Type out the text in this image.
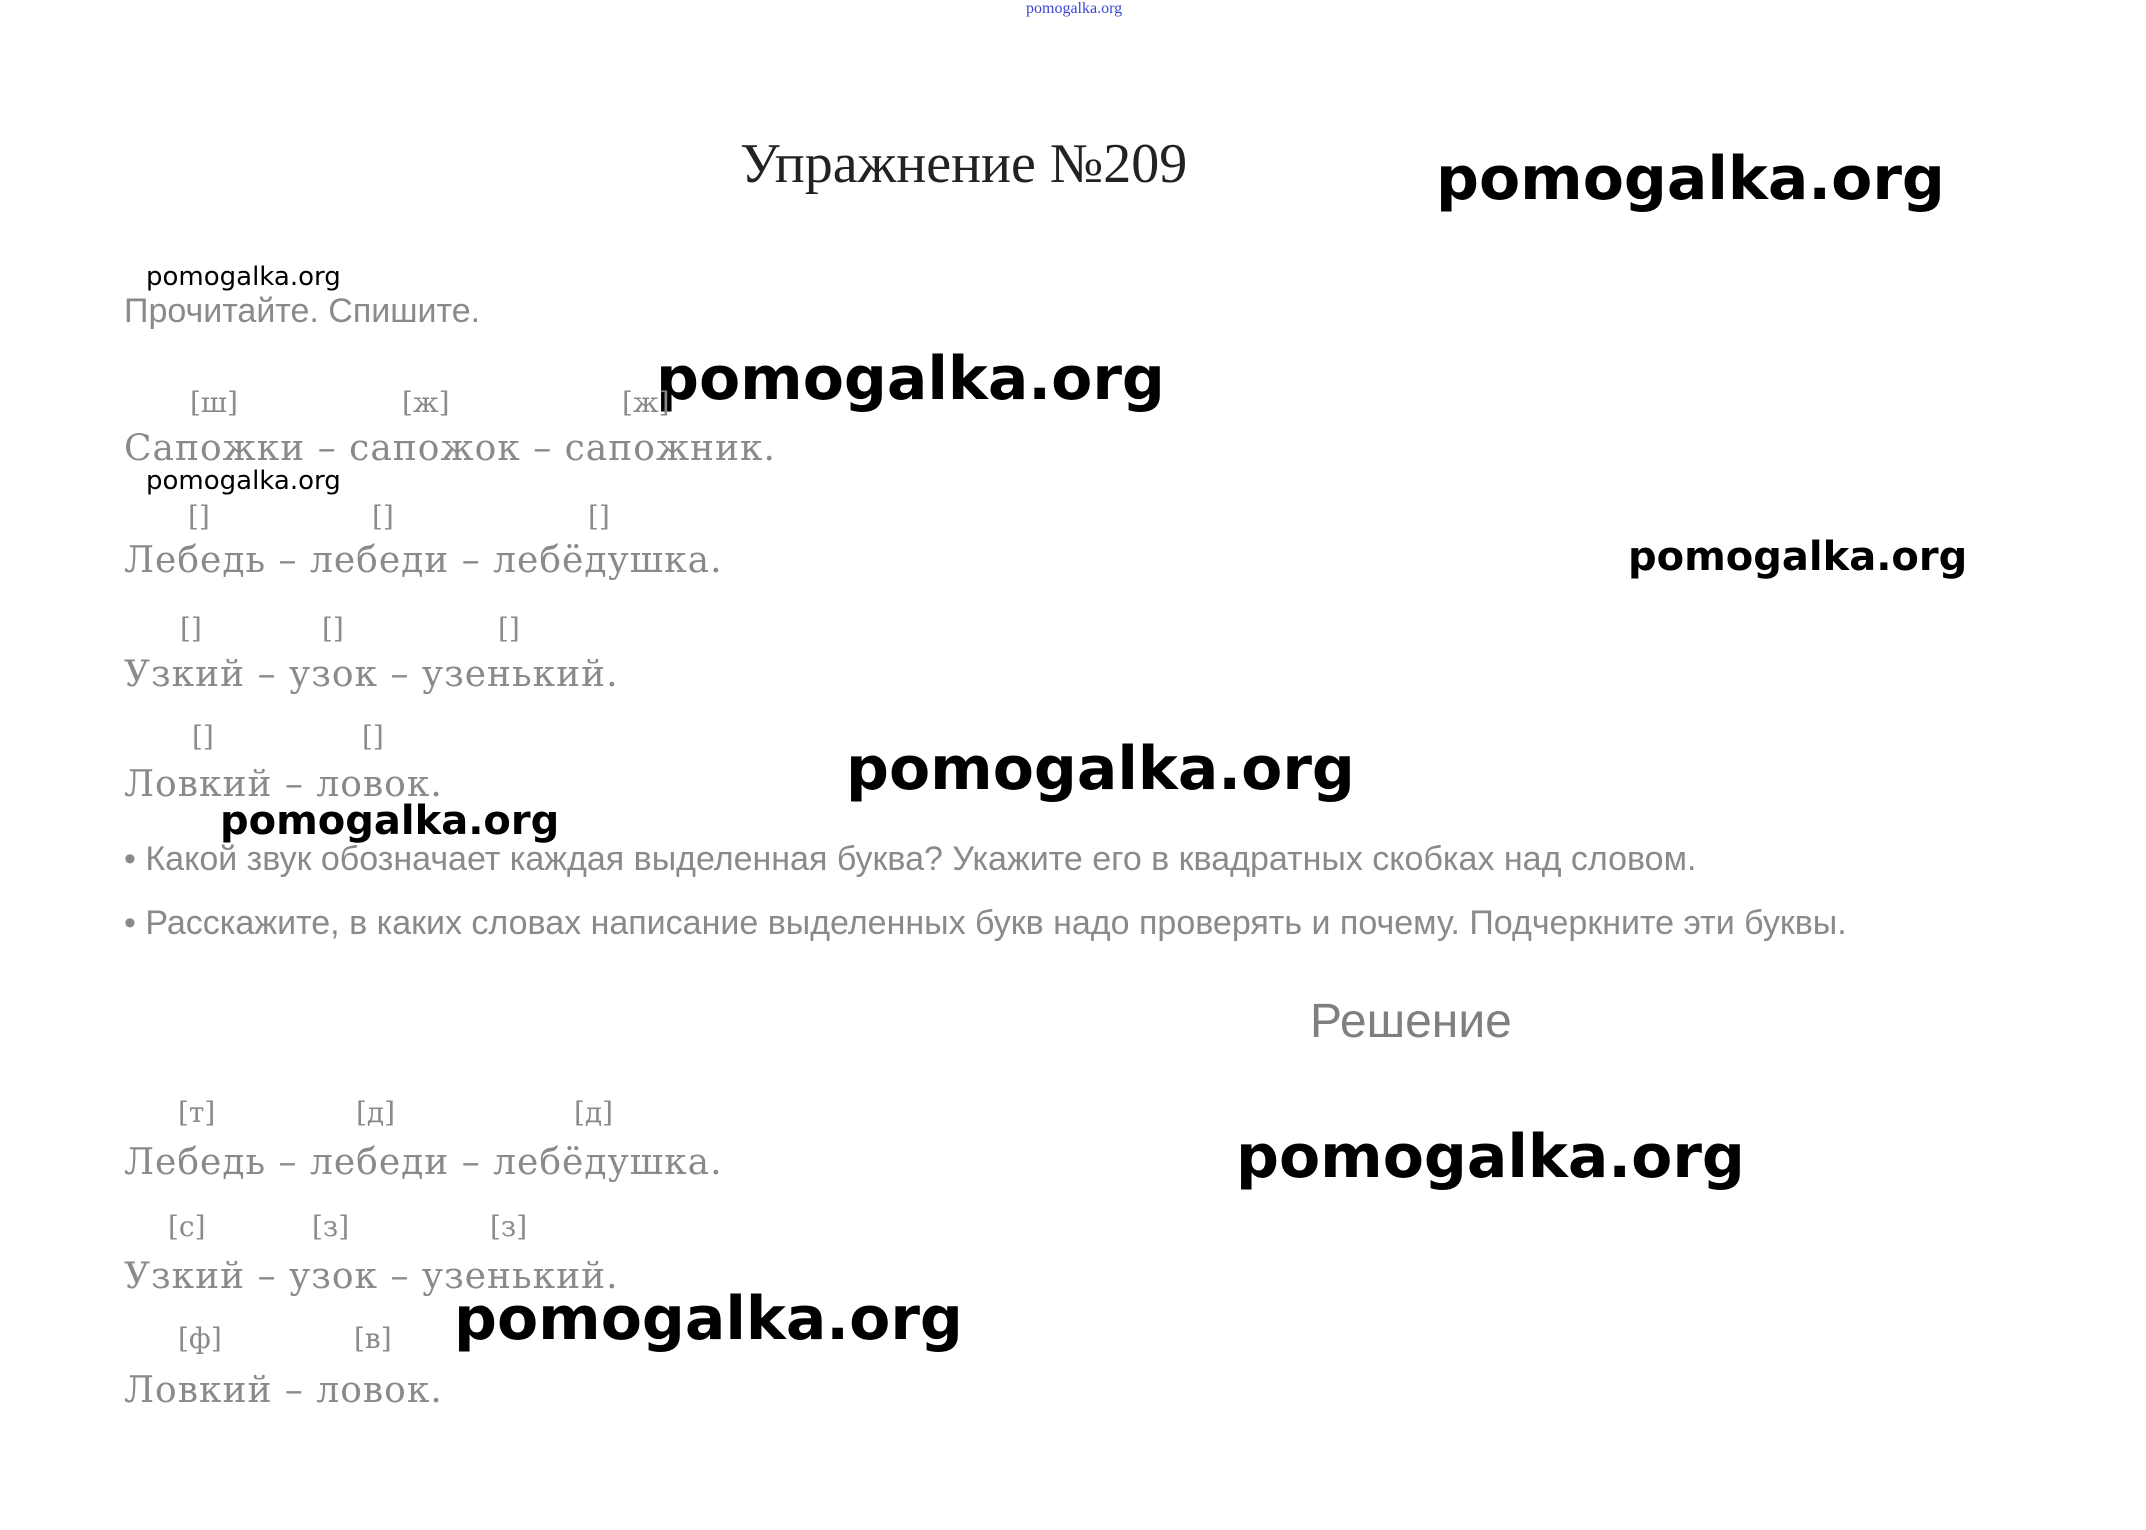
pomogalka.org
Упражнение №209	pomogalka.org
pomogalka.org
pomogalka.org
pomogalka.org
pomogalka.org
pomogalka.org
pomogalka.org
pomogalka.org
pomogalka.org
Прочитайте. Спишите.
[ш]	[ж]	[ж]
Сапожки – сапожок – сапожник.
[]	[]	[]
Лебедь – лебеди – лебёдушка.
[]	[]	[]
Узкий – узок – узенький.
[]	[]
Ловкий – ловок.
• Какой звук обозначает каждая выделенная буква? Укажите его в квадратных скобках над словом.
• Расскажите, в каких словах написание выделенных букв надо проверять и почему. Подчеркните эти буквы.
Решение
[т]	[д]	[д]
Лебедь – лебеди – лебёдушка.
[с]	[з]	[з]
Узкий – узок – узенький.
[ф]	[в]
Ловкий – ловок.
